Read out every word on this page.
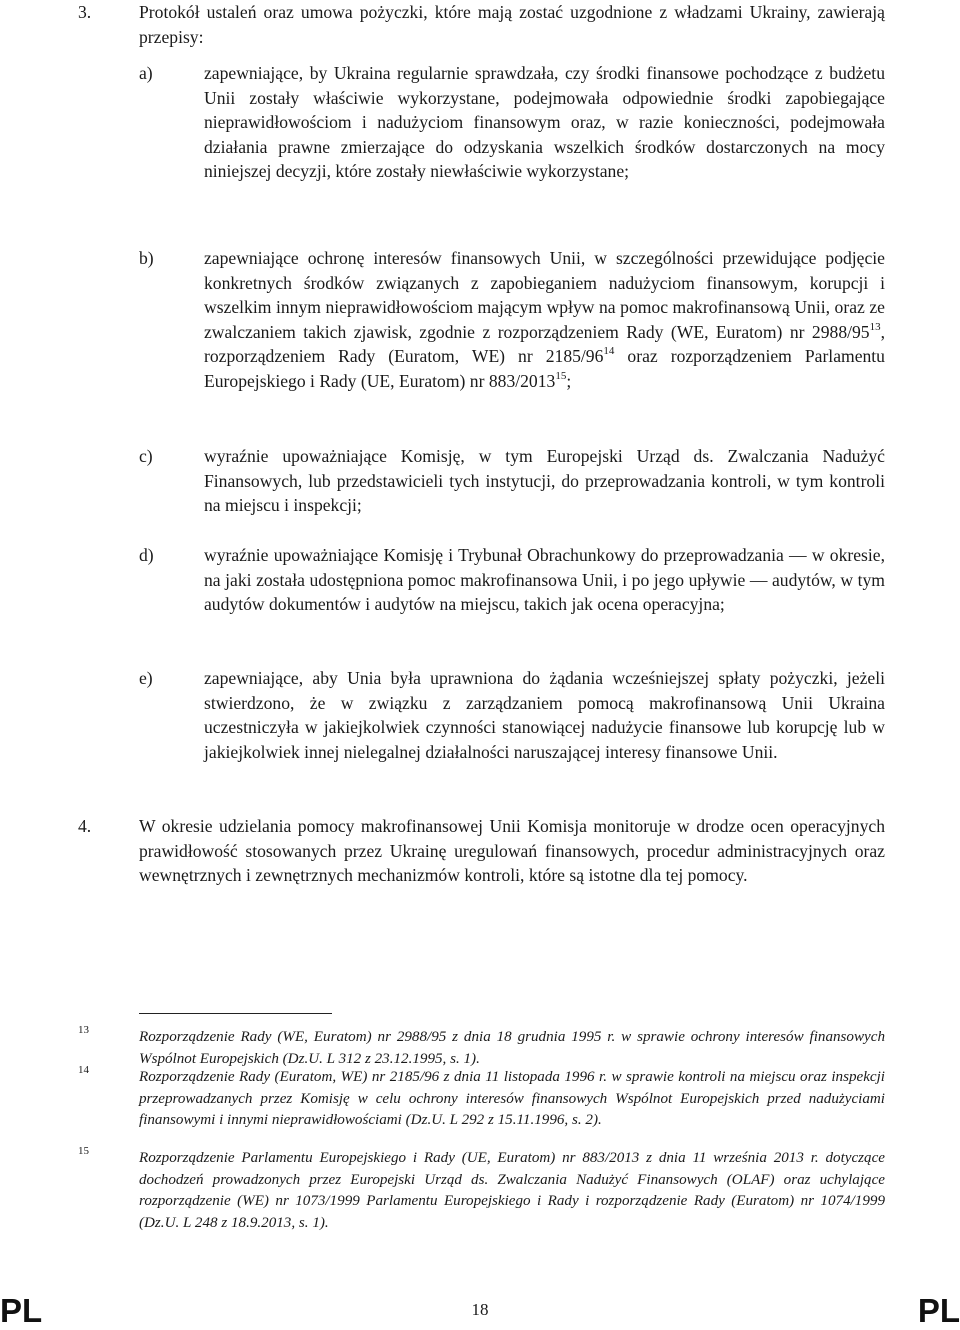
3.	Protokół ustaleń oraz umowa pożyczki, które mają zostać uzgodnione z władzami Ukrainy, zawierają przepisy:
a)	zapewniające, by Ukraina regularnie sprawdzała, czy środki finansowe pochodzące z budżetu Unii zostały właściwie wykorzystane, podejmowała odpowiednie środki zapobiegające nieprawidłowościom i nadużyciom finansowym oraz, w razie konieczności, podejmowała działania prawne zmierzające do odzyskania wszelkich środków dostarczonych na mocy niniejszej decyzji, które zostały niewłaściwie wykorzystane;
b)	zapewniające ochronę interesów finansowych Unii, w szczególności przewidujące podjęcie konkretnych środków związanych z zapobieganiem nadużyciom finansowym, korupcji i wszelkim innym nieprawidłowościom mającym wpływ na pomoc makrofinansową Unii, oraz ze zwalczaniem takich zjawisk, zgodnie z rozporządzeniem Rady (WE, Euratom) nr $2988/95^{13}$, rozporządzeniem Rady (Euratom, WE) nr $2185/96^{14}$ oraz rozporządzeniem Parlamentu Europejskiego i Rady (UE, Euratom) nr 883/2013$^{15}$;
c)	wyraźnie upoważniające Komisję, w tym Europejski Urząd ds. Zwalczania Nadużyć Finansowych, lub przedstawicieli tych instytucji, do przeprowadzania kontroli, w tym kontroli na miejscu i inspekcji;
d)	wyraźnie upoważniające Komisję i Trybunał Obrachunkowy do przeprowadzania — w okresie, na jaki została udostępniona pomoc makrofinansowa Unii, i po jego upływie — audytów, w tym audytów dokumentów i audytów na miejscu, takich jak ocena operacyjna;
e)	zapewniające, aby Unia była uprawniona do żądania wcześniejszej spłaty pożyczki, jeżeli stwierdzono, że w związku z zarządzaniem pomocą makrofinansową Unii Ukraina uczestniczyła w jakiejkolwiek czynności stanowiącej nadużycie finansowe lub korupcję lub w jakiejkolwiek innej nielegalnej działalności naruszającej interesy finansowe Unii.
4.	W okresie udzielania pomocy makrofinansowej Unii Komisja monitoruje w drodze ocen operacyjnych prawidłowość stosowanych przez Ukrainę uregulowań finansowych, procedur administracyjnych oraz wewnętrznych i zewnętrznych mechanizmów kontroli, które są istotne dla tej pomocy.
13	Rozporządzenie Rady (WE, Euratom) nr 2988/95 z dnia 18 grudnia 1995 r. w sprawie ochrony interesów finansowych Wspólnot Europejskich (Dz.U. L 312 z 23.12.1995, s. 1).
14	Rozporządzenie Rady (Euratom, WE) nr 2185/96 z dnia 11 listopada 1996 r. w sprawie kontroli na miejscu oraz inspekcji przeprowadzanych przez Komisję w celu ochrony interesów finansowych Wspólnot Europejskich przed nadużyciami finansowymi i innymi nieprawidłowościami (Dz.U. L 292 z 15.11.1996, s. 2).
15	Rozporządzenie Parlamentu Europejskiego i Rady (UE, Euratom) nr 883/2013 z dnia 11 września 2013 r. dotyczące dochodzeń prowadzonych przez Europejski Urząd ds. Zwalczania Nadużyć Finansowych (OLAF) oraz uchylające rozporządzenie (WE) nr 1073/1999 Parlamentu Europejskiego i Rady i rozporządzenie Rady (Euratom) nr 1074/1999 (Dz.U. L 248 z 18.9.2013, s. 1).
PL	18	PL
